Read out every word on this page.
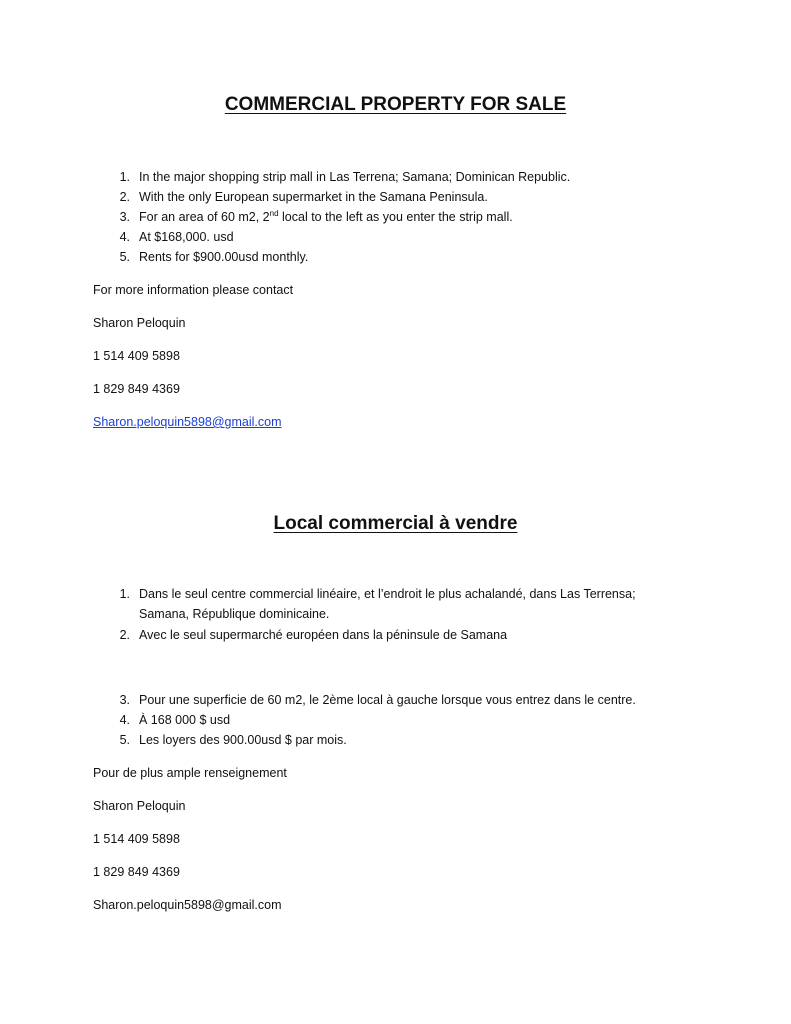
COMMERCIAL PROPERTY FOR SALE
1. In the major shopping strip mall in Las Terrena; Samana; Dominican Republic.
2. With the only European supermarket in the Samana Peninsula.
3. For an area of 60 m2, 2nd local to the left as you enter the strip mall.
4. At $168,000. usd
5. Rents for $900.00usd monthly.
For more information please contact
Sharon Peloquin
1 514 409 5898
1 829 849 4369
Sharon.peloquin5898@gmail.com
Local commercial à vendre
1. Dans le seul centre commercial linéaire, et l’endroit le plus achalandé, dans Las Terrensa;
Samana, République dominicaine.
2. Avec le seul supermarché européen dans la péninsule de Samana
3. Pour une superficie de 60 m2, le 2ème local à gauche lorsque vous entrez dans le centre.
4. À 168 000 $ usd
5. Les loyers des 900.00usd $ par mois.
Pour de plus ample renseignement
Sharon Peloquin
1 514 409 5898
1 829 849 4369
Sharon.peloquin5898@gmail.com
